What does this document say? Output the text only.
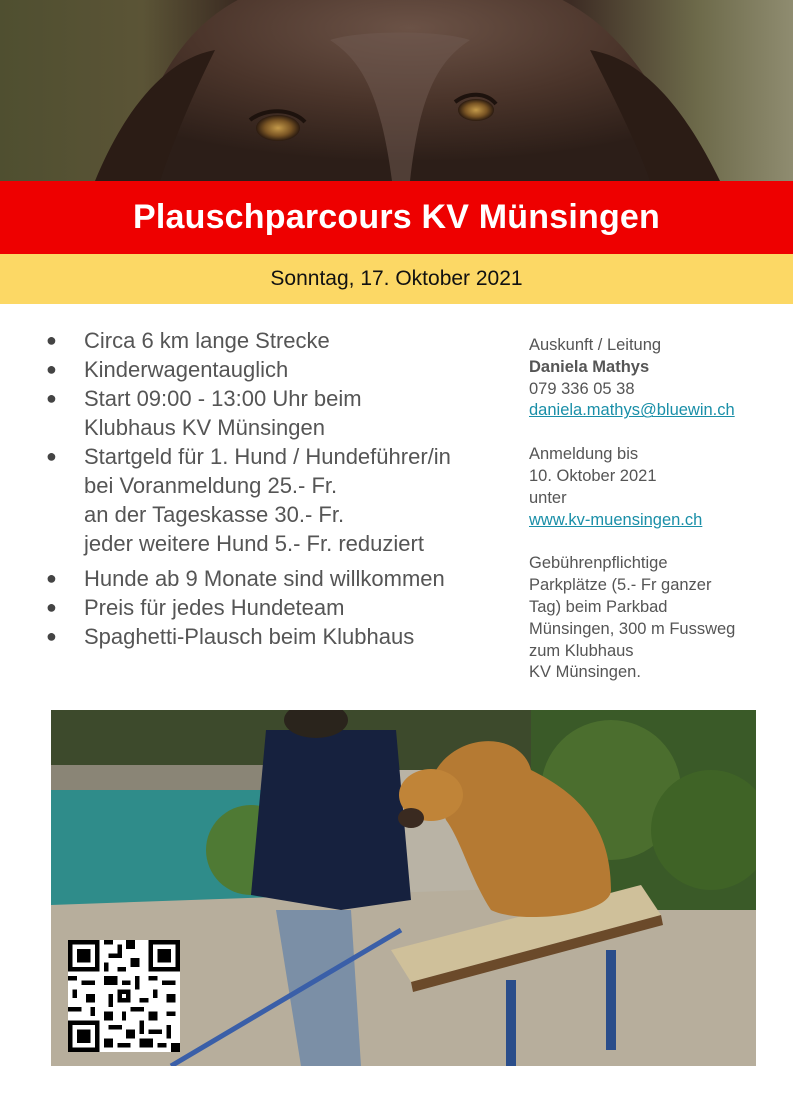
Plauschparcours KV Münsingen
Sonntag, 17. Oktober 2021
● Circa 6 km lange Strecke
● Kinderwagentauglich
● Start 09:00 - 13:00 Uhr beim
Klubhaus KV Münsingen
● Startgeld für 1. Hund / Hundeführer/in
bei Voranmeldung 25.- Fr.
an der Tageskasse 30.- Fr.
jeder weitere Hund 5.- Fr. reduziert
● Hunde ab 9 Monate sind willkommen
● Preis für jedes Hundeteam
● Spaghetti-Plausch beim Klubhaus
Auskunft / Leitung
Daniela Mathys
079 336 05 38
daniela.mathys@bluewin.ch
Anmeldung bis
10. Oktober 2021
unter
www.kv-muensingen.ch
Gebührenpflichtige
Parkplätze (5.- Fr ganzer
Tag) beim Parkbad
Münsingen, 300 m Fussweg
zum Klubhaus
KV Münsingen.
